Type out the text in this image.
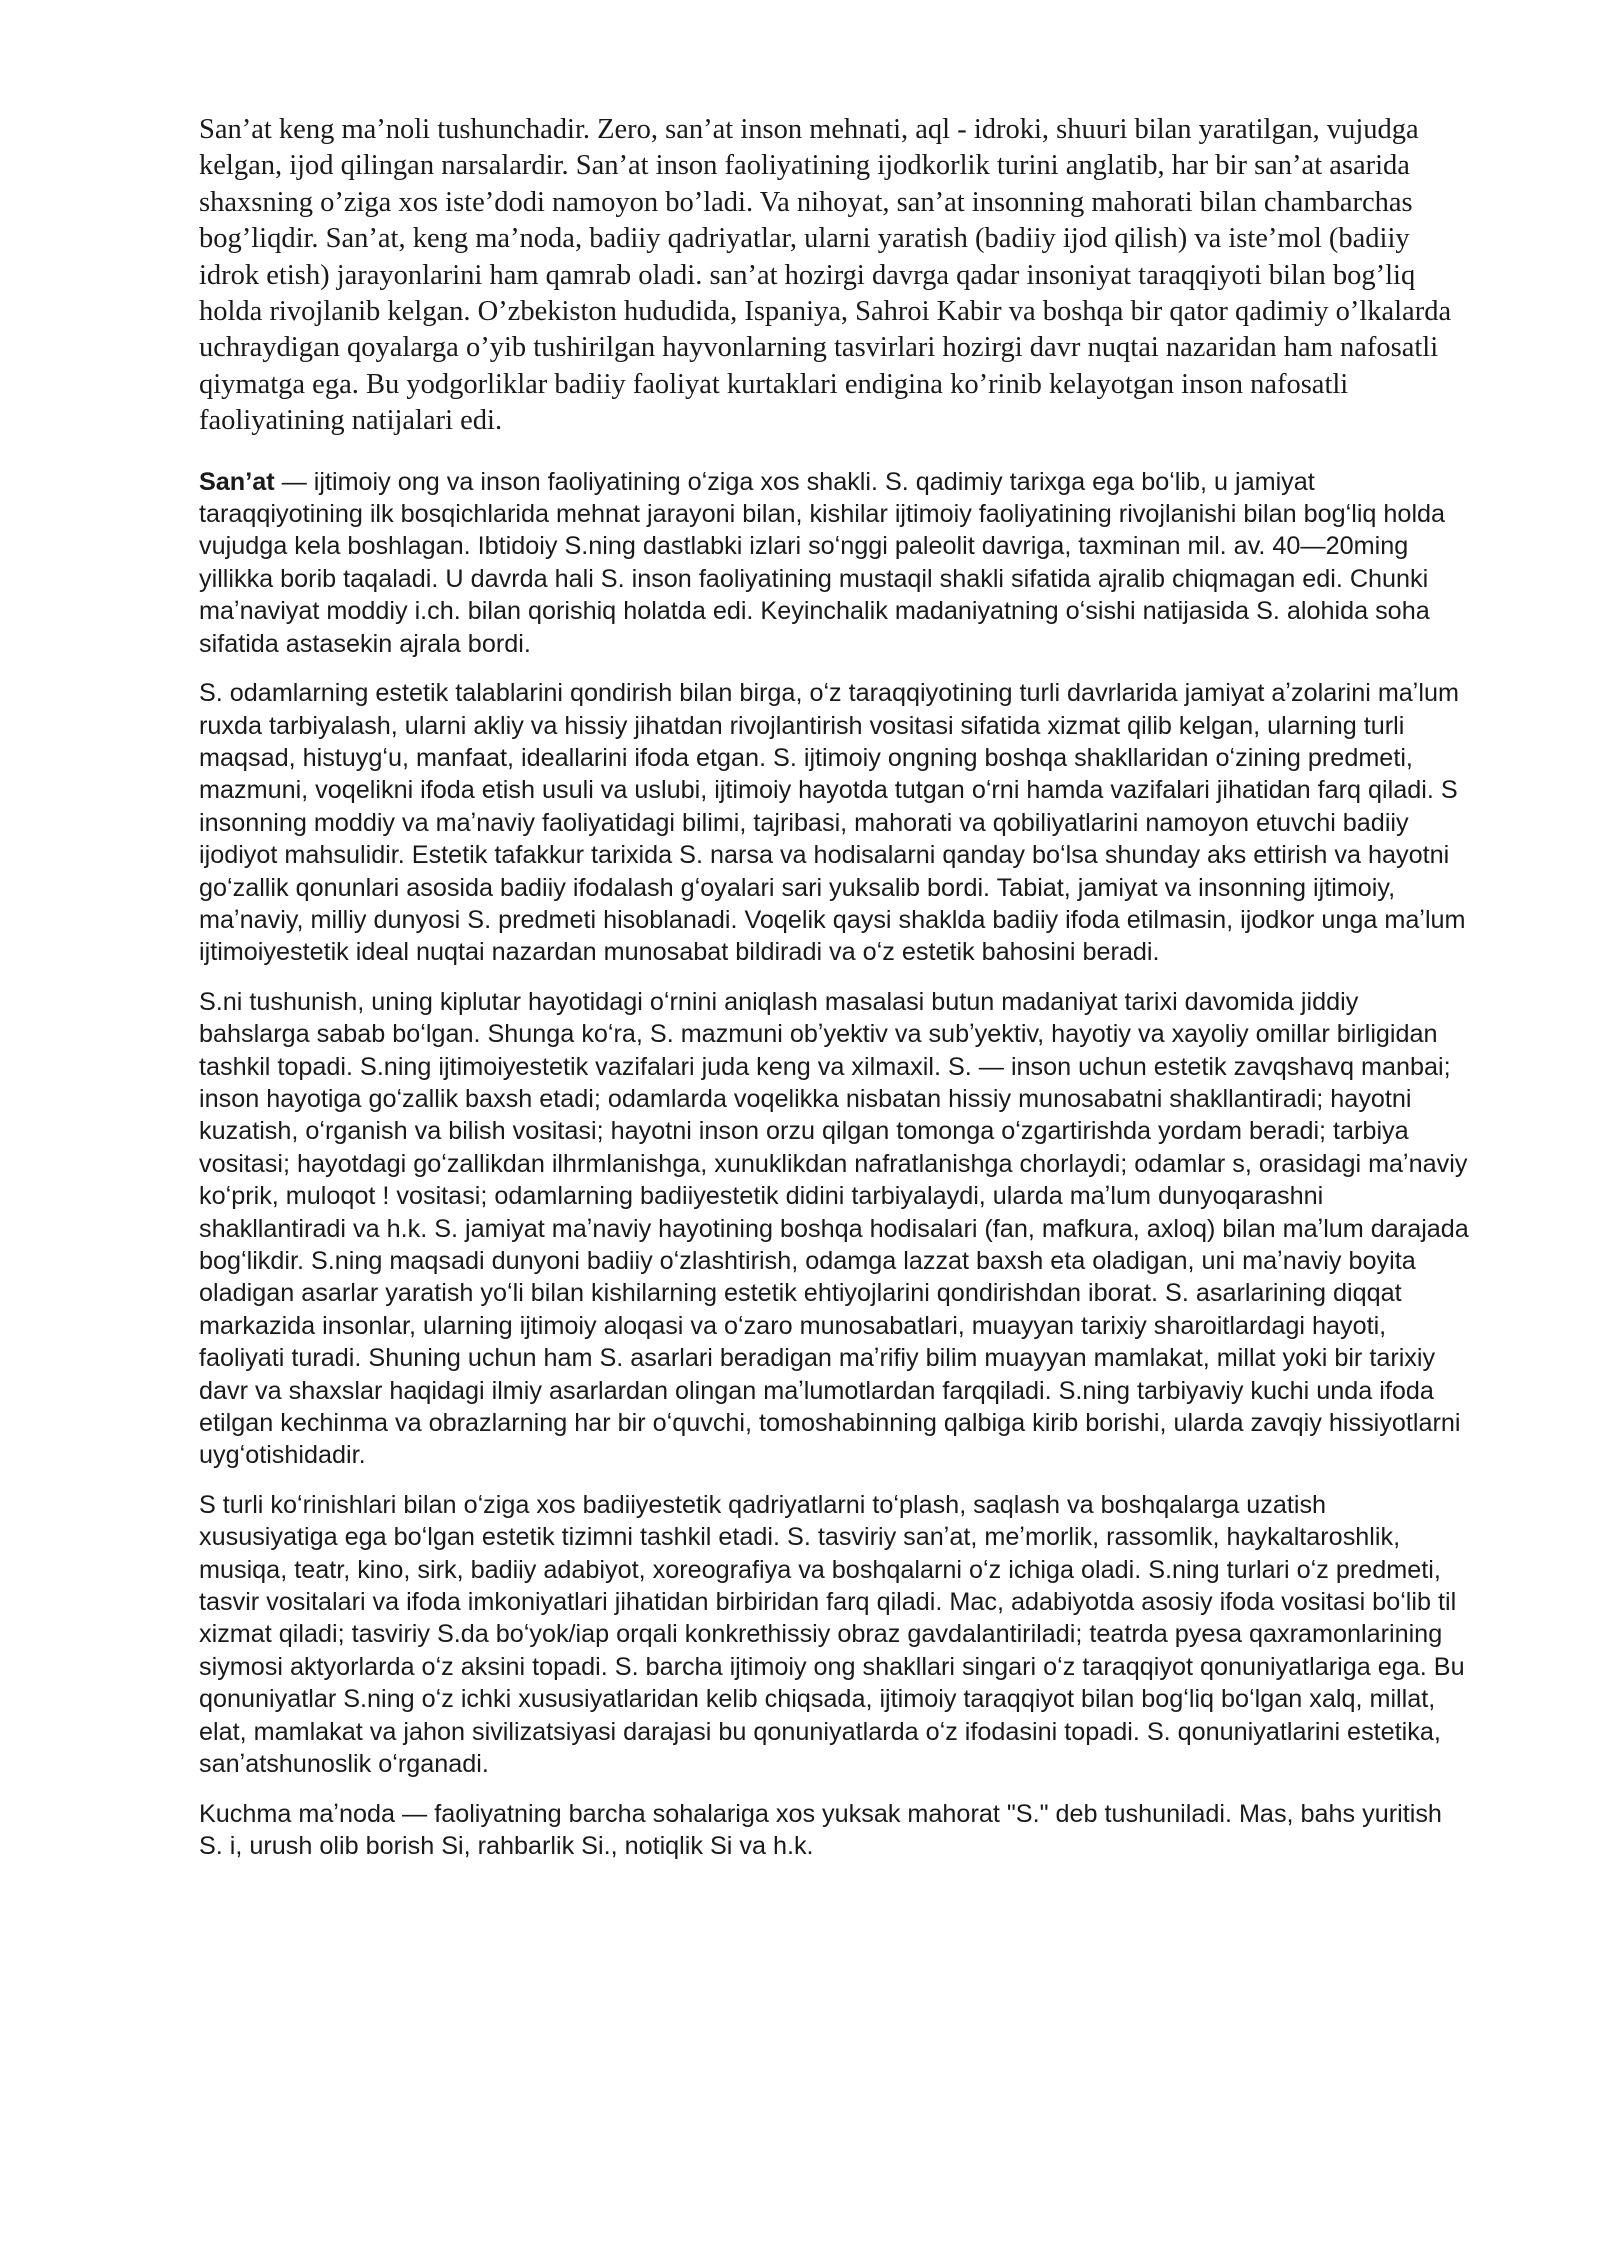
San’at keng ma’noli tushunchadir. Zero, san’at inson mehnati, aql - idroki, shuuri bilan yaratilgan, vujudga kelgan, ijod qilingan narsalardir. San’at inson faoliyatining ijodkorlik turini anglatib, har bir san’at asarida shaxsning o’ziga xos iste’dodi namoyon bo’ladi. Va nihoyat, san’at insonning mahorati bilan chambarchas bog’liqdir. San’at, keng ma’noda, badiiy qadriyatlar, ularni yaratish (badiiy ijod qilish) va iste’mol (badiiy idrok etish) jarayonlarini ham qamrab oladi. san’at hozirgi davrga qadar insoniyat taraqqiyoti bilan bog’liq holda rivojlanib kelgan. O’zbekiston hududida, Ispaniya, Sahroi Kabir va boshqa bir qator qadimiy o’lkalarda uchraydigan qoyalarga o’yib tushirilgan hayvonlarning tasvirlari hozirgi davr nuqtai nazaridan ham nafosatli qiymatga ega. Bu yodgorliklar badiiy faoliyat kurtaklari endigina ko’rinib kelayotgan inson nafosatli faoliyatining natijalari edi.

San’at — ijtimoiy ong va inson faoliyatining oʻziga xos shakli. S. qadimiy tarixga ega boʻlib, u jamiyat taraqqiyotining ilk bosqichlarida mehnat jarayoni bilan, kishilar ijtimoiy faoliyatining rivojlanishi bilan bogʻliq holda vujudga kela boshlagan. Ibtidoiy S.ning dastlabki izlari soʻnggi paleolit davriga, taxminan mil. av. 40—20ming yillikka borib taqaladi. U davrda hali S. inson faoliyatining mustaqil shakli sifatida ajralib chiqmagan edi. Chunki maʼnaviyat moddiy i.ch. bilan qorishiq holatda edi. Keyinchalik madaniyatning oʻsishi natijasida S. alohida soha sifatida astasekin ajrala bordi.

S. odamlarning estetik talablarini qondirish bilan birga, oʻz taraqqiyotining turli davrlarida jamiyat aʼzolarini maʼlum ruxda tarbiyalash, ularni akliy va hissiy jihatdan rivojlantirish vositasi sifatida xizmat qilib kelgan, ularning turli maqsad, histuygʻu, manfaat, ideallarini ifoda etgan. S. ijtimoiy ongning boshqa shakllaridan oʻzining predmeti, mazmuni, voqelikni ifoda etish usuli va uslubi, ijtimoiy hayotda tutgan oʻrni hamda vazifalari jihatidan farq qiladi. S insonning moddiy va maʼnaviy faoliyatidagi bilimi, tajribasi, mahorati va qobiliyatlarini namoyon etuvchi badiiy ijodiyot mahsulidir. Estetik tafakkur tarixida S. narsa va hodisalarni qanday boʻlsa shunday aks ettirish va hayotni goʻzallik qonunlari asosida badiiy ifodalash gʻoyalari sari yuksalib bordi. Tabiat, jamiyat va insonning ijtimoiy, maʼnaviy, milliy dunyosi S. predmeti hisoblanadi. Voqelik qaysi shaklda badiiy ifoda etilmasin, ijodkor unga maʼlum ijtimoiyestetik ideal nuqtai nazardan munosabat bildiradi va oʻz estetik bahosini beradi.

S.ni tushunish, uning kiplutar hayotidagi oʻrnini aniqlash masalasi butun madaniyat tarixi davomida jiddiy bahslarga sabab boʻlgan. Shunga koʻra, S. mazmuni obʼyektiv va subʼyektiv, hayotiy va xayoliy omillar birligidan tashkil topadi. S.ning ijtimoiyestetik vazifalari juda keng va xilmaxil. S. — inson uchun estetik zavqshavq manbai; inson hayotiga goʻzallik baxsh etadi; odamlarda voqelikka nisbatan hissiy munosabatni shakllantiradi; hayotni kuzatish, oʻrganish va bilish vositasi; hayotni inson orzu qilgan tomonga oʻzgartirishda yordam beradi; tarbiya vositasi; hayotdagi goʻzallikdan ilhrmlanishga, xunuklikdan nafratlanishga chorlaydi; odamlar s, orasidagi maʼnaviy koʻprik, muloqot ! vositasi; odamlarning badiiyestetik didini tarbiyalaydi, ularda maʼlum dunyoqarashni shakllantiradi va h.k. S. jamiyat maʼnaviy hayotining boshqa hodisalari (fan, mafkura, axloq) bilan maʼlum darajada bogʻlikdir. S.ning maqsadi dunyoni badiiy oʻzlashtirish, odamga lazzat baxsh eta oladigan, uni maʼnaviy boyita oladigan asarlar yaratish yoʻli bilan kishilarning estetik ehtiyojlarini qondirishdan iborat. S. asarlarining diqqat markazida insonlar, ularning ijtimoiy aloqasi va oʻzaro munosabatlari, muayyan tarixiy sharoitlardagi hayoti, faoliyati turadi. Shuning uchun ham S. asarlari beradigan maʼrifiy bilim muayyan mamlakat, millat yoki bir tarixiy davr va shaxslar haqidagi ilmiy asarlardan olingan maʼlumotlardan farqqiladi. S.ning tarbiyaviy kuchi unda ifoda etilgan kechinma va obrazlarning har bir oʻquvchi, tomoshabinning qalbiga kirib borishi, ularda zavqiy hissiyotlarni uygʻotishidadir.

S turli koʻrinishlari bilan oʻziga xos badiiyestetik qadriyatlarni toʻplash, saqlash va boshqalarga uzatish xususiyatiga ega boʻlgan estetik tizimni tashkil etadi. S. tasviriy sanʼat, meʼmorlik, rassomlik, haykaltaroshlik, musiqa, teatr, kino, sirk, badiiy adabiyot, xoreografiya va boshqalarni oʻz ichiga oladi. S.ning turlari oʻz predmeti, tasvir vositalari va ifoda imkoniyatlari jihatidan birbiridan farq qiladi. Mac, adabiyotda asosiy ifoda vositasi boʻlib til xizmat qiladi; tasviriy S.da boʻyok/iap orqali konkrethissiy obraz gavdalantiriladi; teatrda pyesa qaxramonlarining siymosi aktyorlarda oʻz aksini topadi. S. barcha ijtimoiy ong shakllari singari oʻz taraqqiyot qonuniyatlariga ega. Bu qonuniyatlar S.ning oʻz ichki xususiyatlaridan kelib chiqsada, ijtimoiy taraqqiyot bilan bogʻliq boʻlgan xalq, millat, elat, mamlakat va jahon sivilizatsiyasi darajasi bu qonuniyatlarda oʻz ifodasini topadi. S. qonuniyatlarini estetika, sanʼatshunoslik oʻrganadi.

Kuchma maʼnoda — faoliyatning barcha sohalariga xos yuksak mahorat "S." deb tushuniladi. Mas, bahs yuritish S. i, urush olib borish Si, rahbarlik Si., notiqlik Si va h.k.
